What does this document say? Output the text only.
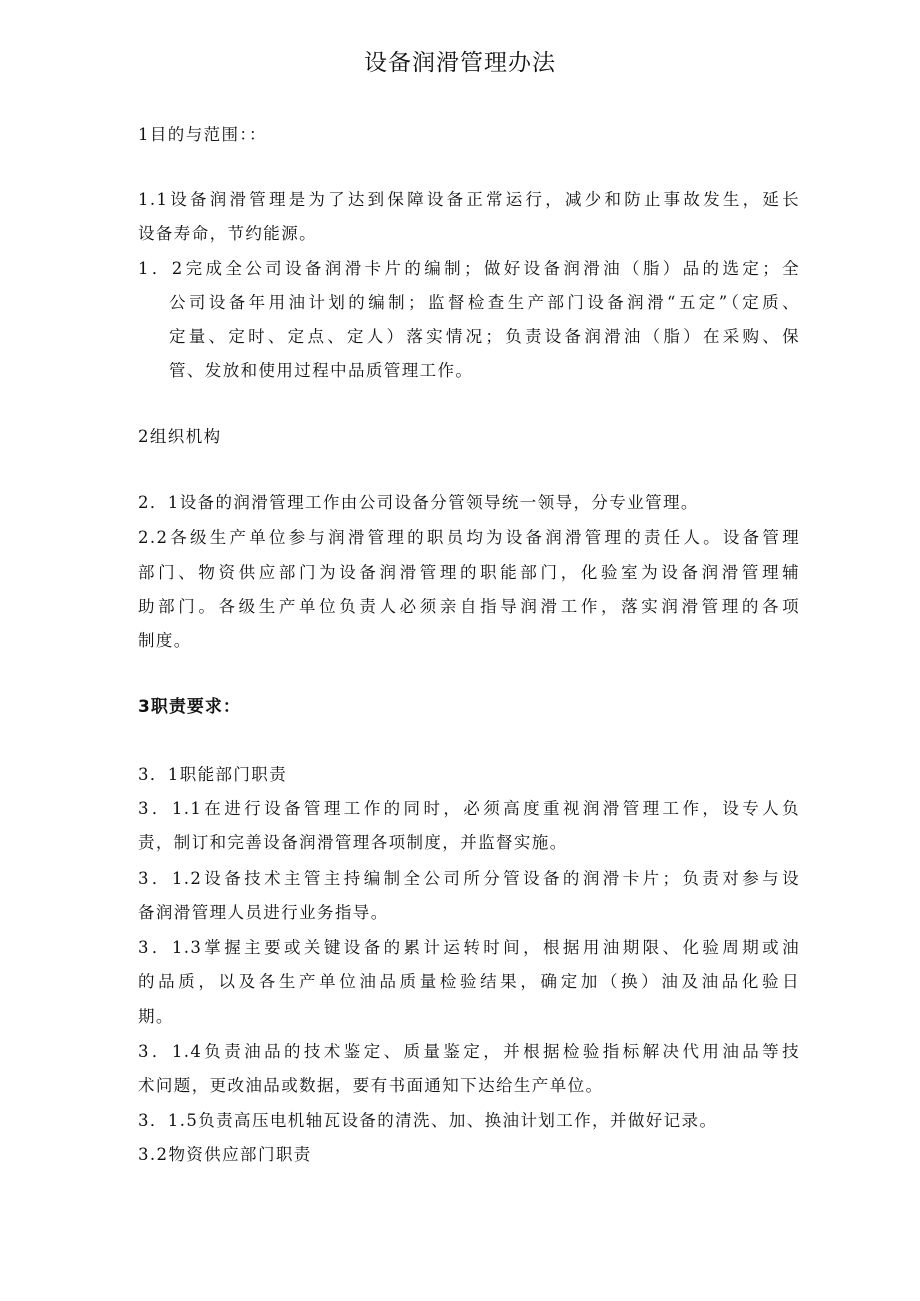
设备润滑管理办法

1目的与范围：：

1.1设备润滑管理是为了达到保障设备正常运行，减少和防止事故发生，延长

设备寿命，节约能源。

1．2完成全公司设备润滑卡片的编制；做好设备润滑油（脂）品的选定；全

公司设备年用油计划的编制；监督检查生产部门设备润滑“五定”（定质、

定量、定时、定点、定人）落实情况；负责设备润滑油（脂）在采购、保

管、发放和使用过程中品质管理工作。

2组织机构

2．1设备的润滑管理工作由公司设备分管领导统一领导，分专业管理。

2.2各级生产单位参与润滑管理的职员均为设备润滑管理的责任人。设备管理

部门、物资供应部门为设备润滑管理的职能部门，化验室为设备润滑管理辅

助部门。各级生产单位负责人必须亲自指导润滑工作，落实润滑管理的各项

制度。

3职责要求：

3．1职能部门职责

3．1.1在进行设备管理工作的同时，必须高度重视润滑管理工作，设专人负

责，制订和完善设备润滑管理各项制度，并监督实施。

3．1.2设备技术主管主持编制全公司所分管设备的润滑卡片；负责对参与设

备润滑管理人员进行业务指导。

3．1.3掌握主要或关键设备的累计运转时间，根据用油期限、化验周期或油

的品质，以及各生产单位油品质量检验结果，确定加（换）油及油品化验日

期。

3．1.4负责油品的技术鉴定、质量鉴定，并根据检验指标解决代用油品等技

术问题，更改油品或数据，要有书面通知下达给生产单位。

3．1.5负责高压电机轴瓦设备的清洗、加、换油计划工作，并做好记录。

3.2物资供应部门职责
